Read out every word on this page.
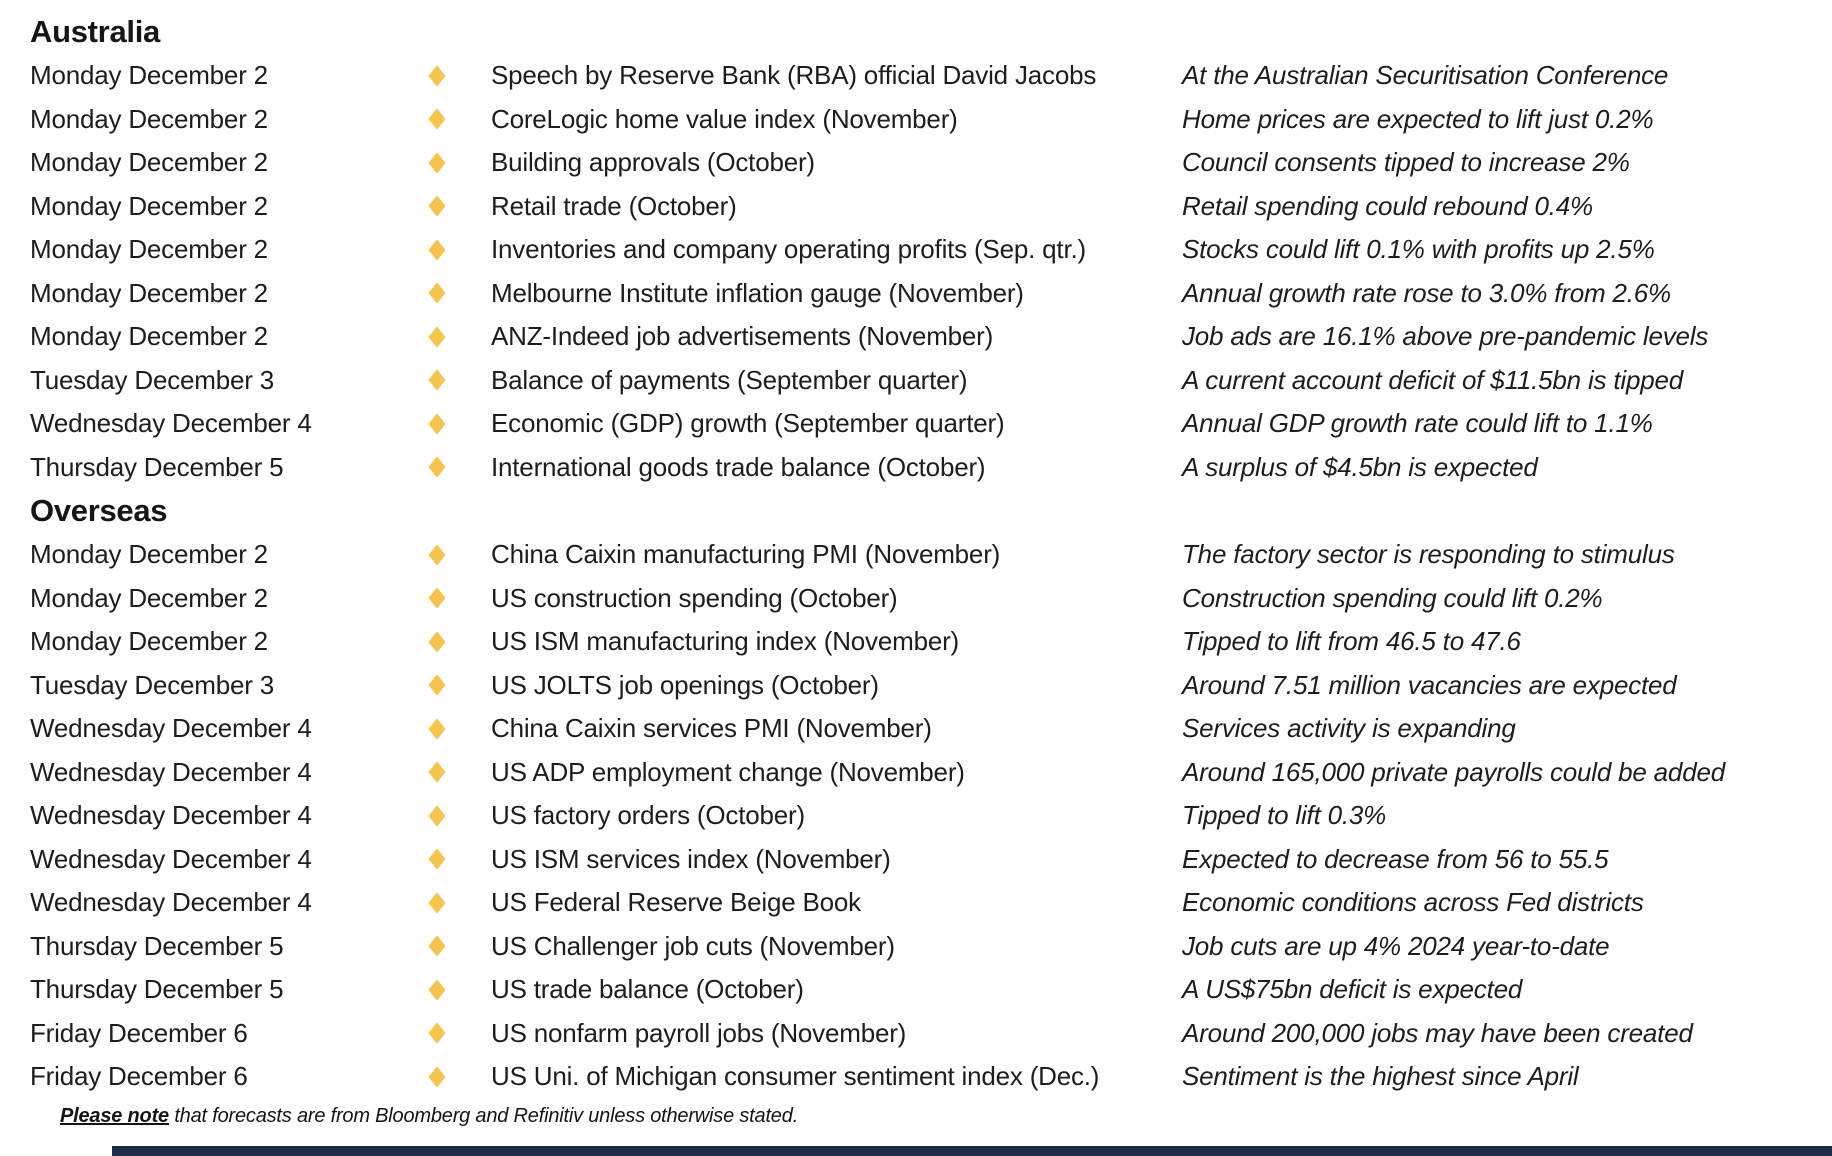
Australia
Monday December 2	Speech by Reserve Bank (RBA) official David Jacobs	At the Australian Securitisation Conference
Monday December 2	CoreLogic home value index (November)	Home prices are expected to lift just 0.2%
Monday December 2	Building approvals (October)	Council consents tipped to increase 2%
Monday December 2	Retail trade (October)	Retail spending could rebound 0.4%
Monday December 2	Inventories and company operating profits (Sep. qtr.)	Stocks could lift 0.1% with profits up 2.5%
Monday December 2	Melbourne Institute inflation gauge (November)	Annual growth rate rose to 3.0% from 2.6%
Monday December 2	ANZ-Indeed job advertisements (November)	Job ads are 16.1% above pre-pandemic levels
Tuesday December 3	Balance of payments (September quarter)	A current account deficit of $11.5bn is tipped
Wednesday December 4	Economic (GDP) growth (September quarter)	Annual GDP growth rate could lift to 1.1%
Thursday December 5	International goods trade balance (October)	A surplus of $4.5bn is expected
Overseas
Monday December 2	China Caixin manufacturing PMI (November)	The factory sector is responding to stimulus
Monday December 2	US construction spending (October)	Construction spending could lift 0.2%
Monday December 2	US ISM manufacturing index (November)	Tipped to lift from 46.5 to 47.6
Tuesday December 3	US JOLTS job openings (October)	Around 7.51 million vacancies are expected
Wednesday December 4	China Caixin services PMI (November)	Services activity is expanding
Wednesday December 4	US ADP employment change (November)	Around 165,000 private payrolls could be added
Wednesday December 4	US factory orders (October)	Tipped to lift 0.3%
Wednesday December 4	US ISM services index (November)	Expected to decrease from 56 to 55.5
Wednesday December 4	US Federal Reserve Beige Book	Economic conditions across Fed districts
Thursday December 5	US Challenger job cuts (November)	Job cuts are up 4% 2024 year-to-date
Thursday December 5	US trade balance (October)	A US$75bn deficit is expected
Friday December 6	US nonfarm payroll jobs (November)	Around 200,000 jobs may have been created
Friday December 6	US Uni. of Michigan consumer sentiment index (Dec.)	Sentiment is the highest since April
Please note that forecasts are from Bloomberg and Refinitiv unless otherwise stated.
